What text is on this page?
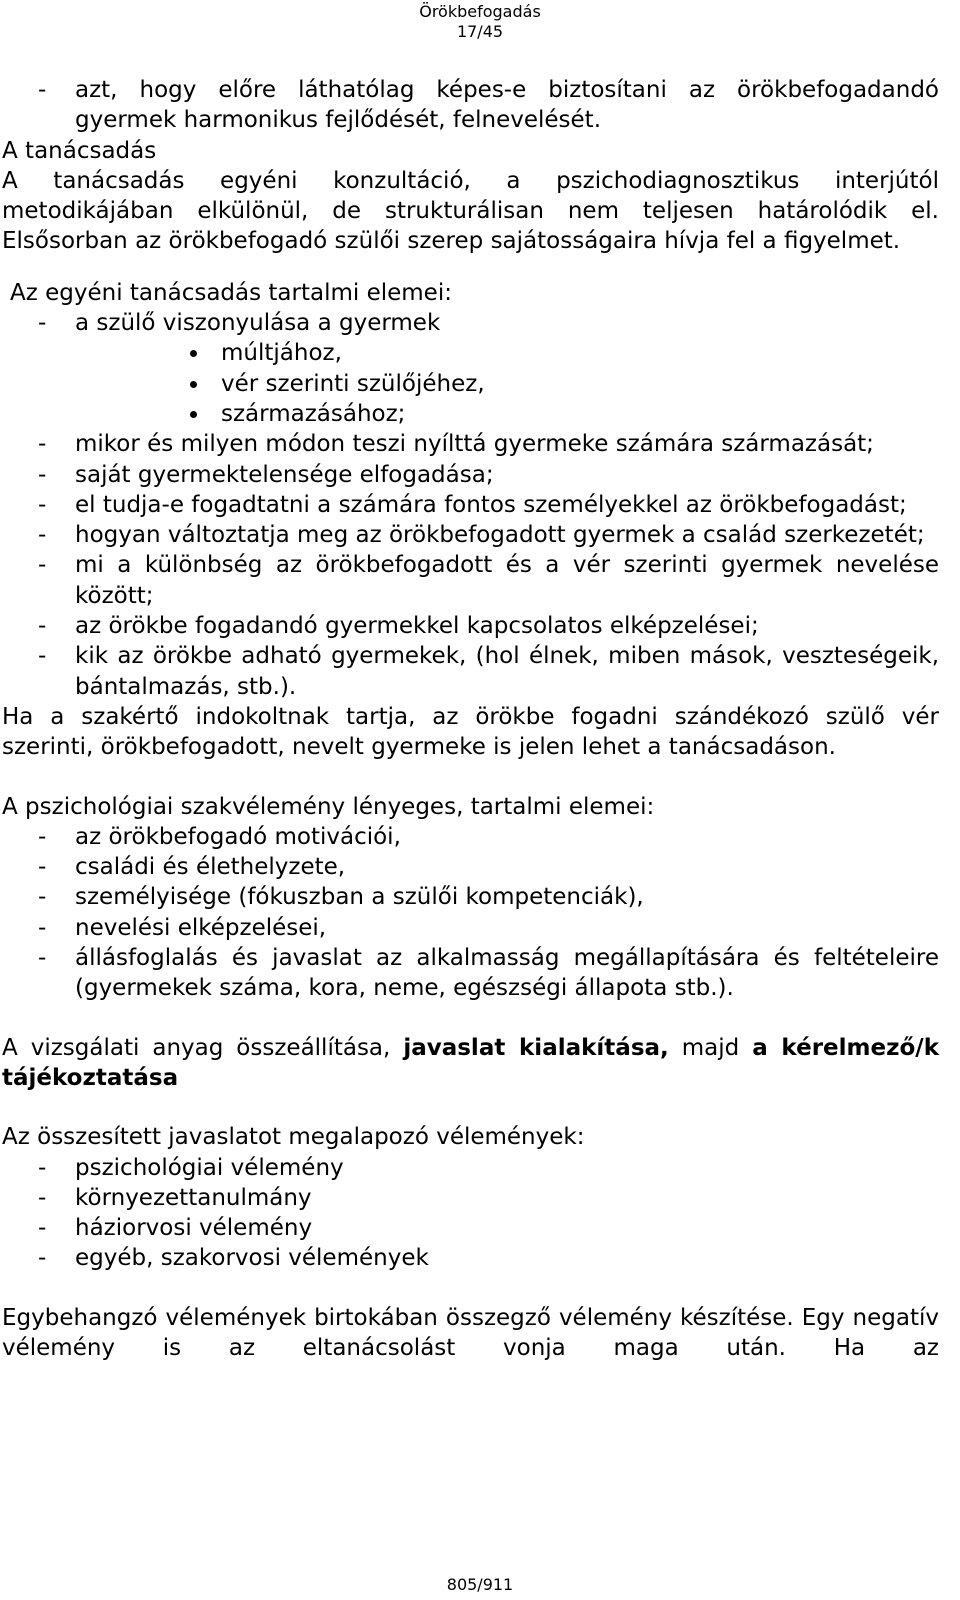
Örökbefogadás
17/45
- azt, hogy előre láthatólag képes-e biztosítani az örökbefogadandó gyermek harmonikus fejlődését, felnevelését.

A tanácsadás

A tanácsadás egyéni konzultáció, a pszichodiagnosztikus interjútól metodikájában elkülönül, de strukturálisan nem teljesen határolódik el. Elsősorban az örökbefogadó szülői szerep sajátosságaira hívja fel a figyelmet.

Az egyéni tanácsadás tartalmi elemei:

- a szülő viszonyulása a gyermek
múltjához,
vér szerinti szülőjéhez,
származásához;
- mikor és milyen módon teszi nyílttá gyermeke számára származását;
- saját gyermektelensége elfogadása;
- el tudja-e fogadtatni a számára fontos személyekkel az örökbefogadást;
- hogyan változtatja meg az örökbefogadott gyermek a család szerkezetét;
- mi a különbség az örökbefogadott és a vér szerinti gyermek nevelése között;
- az örökbe fogadandó gyermekkel kapcsolatos elképzelései;
- kik az örökbe adható gyermekek, (hol élnek, miben mások, veszteségeik, bántalmazás, stb.).

Ha a szakértő indokoltnak tartja, az örökbe fogadni szándékozó szülő vér szerinti, örökbefogadott, nevelt gyermeke is jelen lehet a tanácsadáson.

A pszichológiai szakvélemény lényeges, tartalmi elemei:

- az örökbefogadó motivációi,
- családi és élethelyzete,
- személyisége (fókuszban a szülői kompetenciák),
- nevelési elképzelései,
- állásfoglalás és javaslat az alkalmasság megállapítására és feltételeire (gyermekek száma, kora, neme, egészségi állapota stb.).

A vizsgálati anyag összeállítása, javaslat kialakítása, majd a kérelmező/k tájékoztatása

Az összesített javaslatot megalapozó vélemények:

- pszichológiai vélemény
- környezettanulmány
- háziorvosi vélemény
- egyéb, szakorvosi vélemények

Egybehangzó vélemények birtokában összegző vélemény készítése. Egy negatív vélemény is az eltanácsolást vonja maga után. Ha az

805/911
